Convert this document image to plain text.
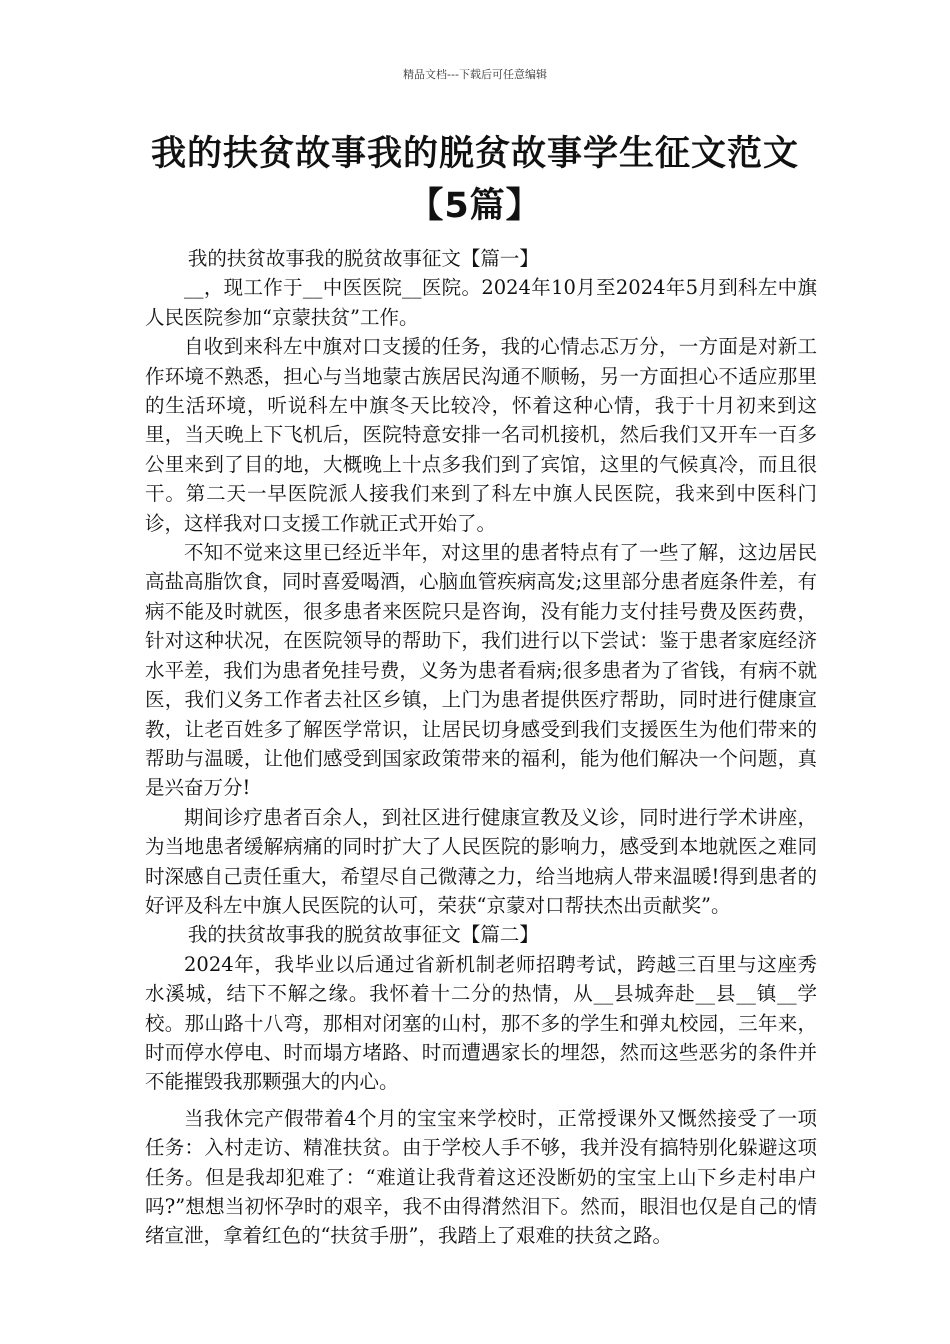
精品文档---下载后可任意编辑
我的扶贫故事我的脱贫故事学生征文范文【5篇】

我的扶贫故事我的脱贫故事征文【篇一】

__，现工作于__中医医院__医院。2024年10月至2024年5月到科左中旗人民医院参加“京蒙扶贫”工作。

自收到来科左中旗对口支援的任务，我的心情忐忑万分，一方面是对新工作环境不熟悉，担心与当地蒙古族居民沟通不顺畅，另一方面担心不适应那里的生活环境，听说科左中旗冬天比较冷，怀着这种心情，我于十月初来到这里，当天晚上下飞机后，医院特意安排一名司机接机，然后我们又开车一百多公里来到了目的地，大概晚上十点多我们到了宾馆，这里的气候真冷，而且很干。第二天一早医院派人接我们来到了科左中旗人民医院，我来到中医科门诊，这样我对口支援工作就正式开始了。

不知不觉来这里已经近半年，对这里的患者特点有了一些了解，这边居民高盐高脂饮食，同时喜爱喝酒，心脑血管疾病高发;这里部分患者庭条件差，有病不能及时就医，很多患者来医院只是咨询，没有能力支付挂号费及医药费，针对这种状况，在医院领导的帮助下，我们进行以下尝试：鉴于患者家庭经济水平差，我们为患者免挂号费，义务为患者看病;很多患者为了省钱，有病不就医，我们义务工作者去社区乡镇，上门为患者提供医疗帮助，同时进行健康宣教，让老百姓多了解医学常识，让居民切身感受到我们支援医生为他们带来的帮助与温暖，让他们感受到国家政策带来的福利，能为他们解决一个问题，真是兴奋万分!

期间诊疗患者百余人，到社区进行健康宣教及义诊，同时进行学术讲座，为当地患者缓解病痛的同时扩大了人民医院的影响力，感受到本地就医之难同时深感自己责任重大，希望尽自己微薄之力，给当地病人带来温暖!得到患者的好评及科左中旗人民医院的认可，荣获“京蒙对口帮扶杰出贡献奖”。

我的扶贫故事我的脱贫故事征文【篇二】

2024年，我毕业以后通过省新机制老师招聘考试，跨越三百里与这座秀水溪城，结下不解之缘。我怀着十二分的热情，从__县城奔赴__县__镇__学校。那山路十八弯，那相对闭塞的山村，那不多的学生和弹丸校园，三年来，时而停水停电、时而塌方堵路、时而遭遇家长的埋怨，然而这些恶劣的条件并不能摧毁我那颗强大的内心。

当我休完产假带着4个月的宝宝来学校时，正常授课外又慨然接受了一项任务：入村走访、精准扶贫。由于学校人手不够，我并没有搞特别化躲避这项任务。但是我却犯难了：“难道让我背着这还没断奶的宝宝上山下乡走村串户吗?”想想当初怀孕时的艰辛，我不由得潸然泪下。然而，眼泪也仅是自己的情绪宣泄，拿着红色的“扶贫手册”，我踏上了艰难的扶贫之路。
